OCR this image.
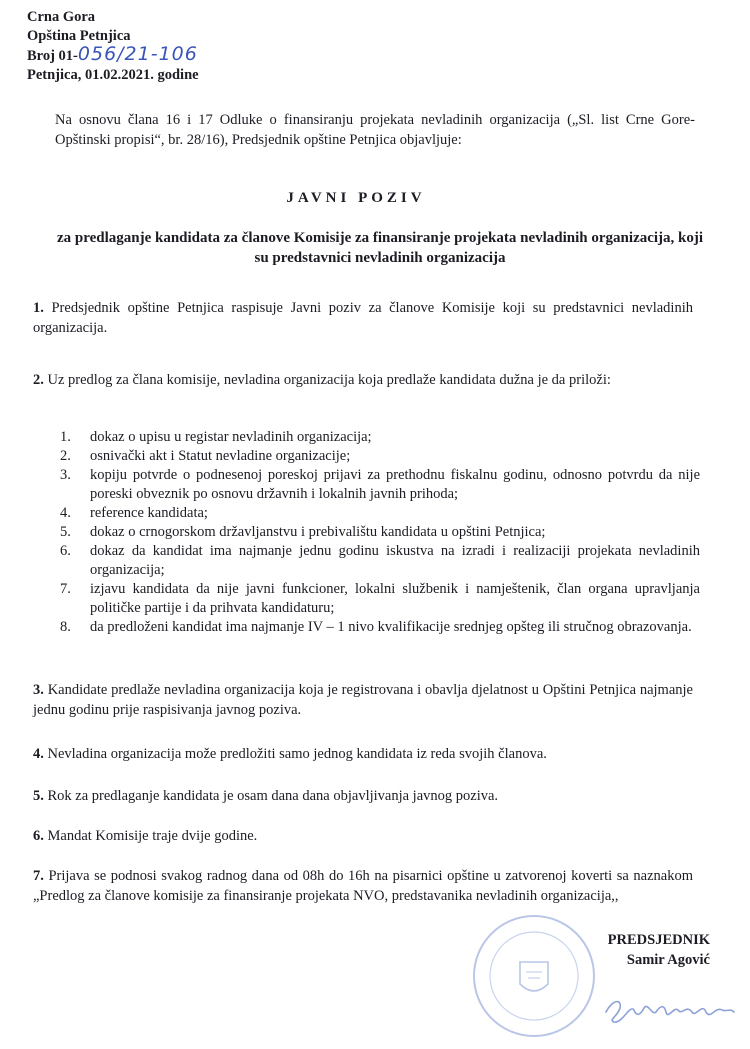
Crna Gora
Opština Petnjica
Broj 01-056/21-106
Petnjica, 01.02.2021. godine
Na osnovu člana 16 i 17 Odluke o finansiranju projekata nevladinih organizacija („Sl. list Crne Gore- Opštinski propisi“, br. 28/16), Predsjednik opštine Petnjica objavljuje:
JAVNI POZIV
za predlaganje kandidata za članove Komisije za finansiranje projekata nevladinih organizacija, koji su predstavnici nevladinih organizacija
1. Predsjednik opštine Petnjica raspisuje Javni poziv za članove Komisije koji su predstavnici nevladinih organizacija.
2. Uz predlog za člana komisije, nevladina organizacija koja predlaže kandidata dužna je da priloži:
1. dokaz o upisu u registar nevladinih organizacija;
2. osnivački akt i Statut nevladine organizacije;
3. kopiju potvrde o podnesenoj poreskoj prijavi za prethodnu fiskalnu godinu, odnosno potvrdu da nije poreski obveznik po osnovu državnih i lokalnih javnih prihoda;
4. reference kandidata;
5. dokaz o crnogorskom državljanstvu i prebivalištu kandidata u opštini Petnjica;
6. dokaz da kandidat ima najmanje jednu godinu iskustva na izradi i realizaciji projekata nevladinih organizacija;
7. izjavu kandidata da nije javni funkcioner, lokalni službenik i namještenik, član organa upravljanja političke partije i da prihvata kandidaturu;
8. da predloženi kandidat ima najmanje IV – 1 nivo kvalifikacije srednjeg opšteg ili stručnog obrazovanja.
3. Kandidate predlaže nevladina organizacija koja je registrovana i obavlja djelatnost u Opštini Petnjica najmanje jednu godinu prije raspisivanja javnog poziva.
4. Nevladina organizacija može predložiti samo jednog kandidata iz reda svojih članova.
5. Rok za predlaganje kandidata je osam dana dana objavljivanja javnog poziva.
6. Mandat Komisije traje dvije godine.
7. Prijava se podnosi svakog radnog dana od 08h do 16h na pisarnici opštine u zatvorenoj koverti sa naznakom „Predlog za članove komisije za finansiranje projekata NVO, predstavanika nevladinih organizacija,,
PREDSJEDNIK
Samir Agović
